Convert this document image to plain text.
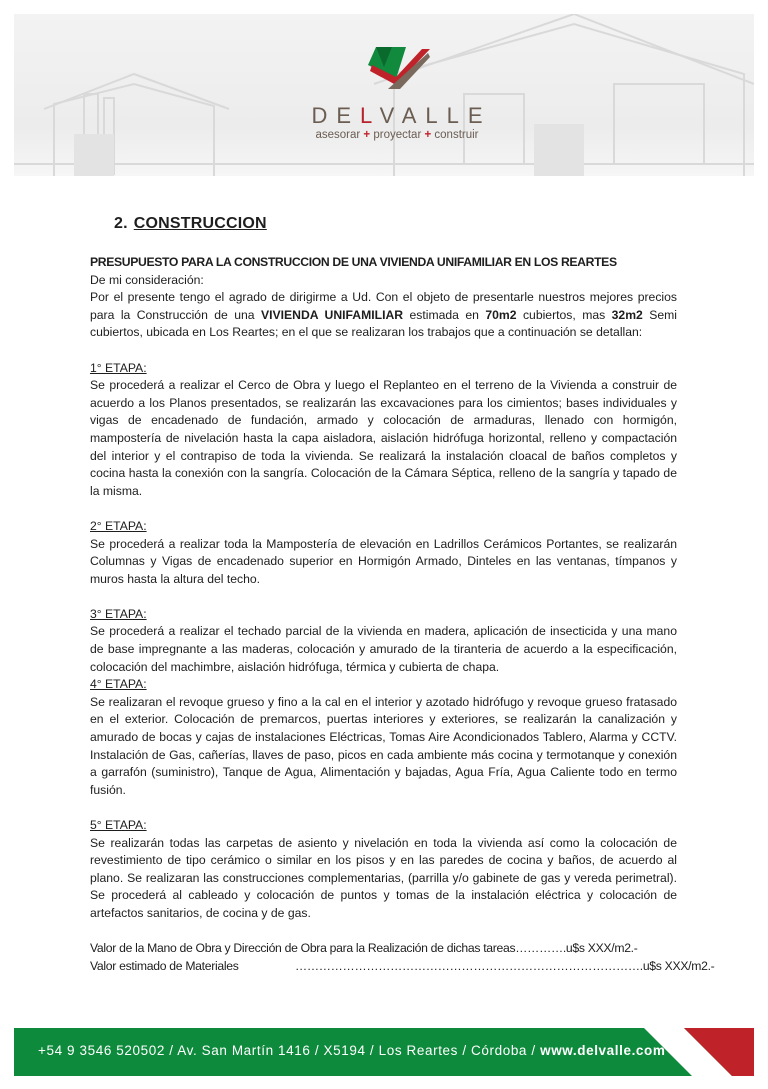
DELVALLE
asesorar + proyectar + construir
2. CONSTRUCCION

PRESUPUESTO PARA LA CONSTRUCCION DE UNA VIVIENDA UNIFAMILIAR EN LOS REARTES

De mi consideración:

Por el presente tengo el agrado de dirigirme a Ud. Con el objeto de presentarle nuestros mejores precios para la Construcción de una VIVIENDA UNIFAMILIAR estimada en 70m2 cubiertos, mas 32m2 Semi cubiertos, ubicada en Los Reartes; en el que se realizaran los trabajos que a continuación se detallan:

1° ETAPA:

Se procederá a realizar el Cerco de Obra y luego el Replanteo en el terreno de la Vivienda a construir de acuerdo a los Planos presentados, se realizarán las excavaciones para los cimientos; bases individuales y vigas de encadenado de fundación, armado y colocación de armaduras, llenado con hormigón, mampostería de nivelación hasta la capa aisladora, aislación hidrófuga horizontal, relleno y compactación del interior y el contrapiso de toda la vivienda. Se realizará la instalación cloacal de baños completos y cocina hasta la conexión con la sangría. Colocación de la Cámara Séptica, relleno de la sangría y tapado de la misma.

2° ETAPA:

Se procederá a realizar toda la Mampostería de elevación en Ladrillos Cerámicos Portantes, se realizarán Columnas y Vigas de encadenado superior en Hormigón Armado, Dinteles en las ventanas, tímpanos y muros hasta la altura del techo.

3° ETAPA:

Se procederá a realizar el techado parcial de la vivienda en madera, aplicación de insecticida y una mano de base impregnante a las maderas, colocación y amurado de la tiranteria de acuerdo a la especificación, colocación del machimbre, aislación hidrófuga, térmica y cubierta de chapa.

4° ETAPA:

Se realizaran el revoque grueso y fino a la cal en el interior y azotado hidrófugo y revoque grueso fratasado en el exterior. Colocación de premarcos, puertas interiores y exteriores, se realizarán la canalización y amurado de bocas y cajas de instalaciones Eléctricas, Tomas Aire Acondicionados Tablero, Alarma y CCTV. Instalación de Gas, cañerías, llaves de paso, picos en cada ambiente más cocina y termotanque y conexión a garrafón (suministro), Tanque de Agua, Alimentación y bajadas, Agua Fría, Agua Caliente todo en termo fusión.

5° ETAPA:

Se realizarán todas las carpetas de asiento y nivelación en toda la vivienda así como la colocación de revestimiento de tipo cerámico o similar en los pisos y en las paredes de cocina y baños, de acuerdo al plano. Se realizaran las construcciones complementarias, (parrilla y/o gabinete de gas y vereda perimetral). Se procederá al cableado y colocación de puntos y tomas de la instalación eléctrica y colocación de artefactos sanitarios, de cocina y de gas.

Valor de la Mano de Obra y Dirección de Obra para la Realización de dichas tareas………….u$s XXX/m2.-

Valor estimado de Materiales	…………………………………………………………………………….u$s XXX/m2.-

+54 9 3546 520502 / Av. San Martín 1416 / X5194 / Los Reartes / Córdoba / www.delvalle.com
